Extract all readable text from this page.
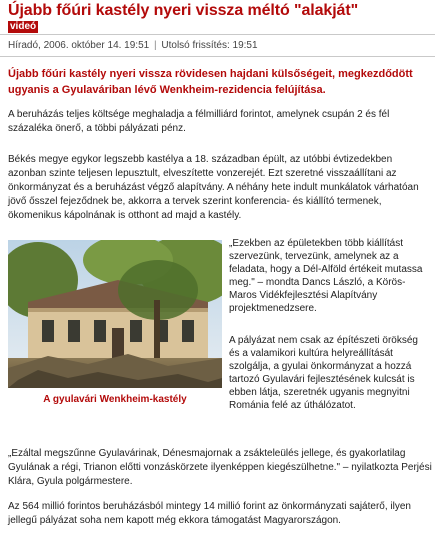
Újabb főúri kastély nyeri vissza méltó "alakját"
videó
Híradó, 2006. október 14. 19:51 | Utolsó frissítés: 19:51
Újabb főúri kastély nyeri vissza rövidesen hajdani külsőségeit, megkezdődött ugyanis a Gyulaváriban lévő Wenkheim-rezidencia felújítása.
A beruházás teljes költsége meghaladja a félmilliárd forintot, amelynek csupán 2 és fél százaléka önerő, a többi pályázati pénz.
Békés megye egykor legszebb kastélya a 18. században épült, az utóbbi évtizedekben azonban szinte teljesen lepusztult, elveszítette vonzerejét. Ezt szeretné visszaállítani az önkormányzat és a beruházást végző alapítvány. A néhány hete indult munkálatok várhatóan jövő ősszel fejeződnek be, akkorra a tervek szerint konferencia- és kiállító termenek, ökomenikus kápolnának is otthont ad majd a kastély.
A gyulavári Wenkheim-kastély
„Ezekben az épületekben több kiállítást szervezünk, tervezünk, amelynek az a feladata, hogy a Dél-Alföld értékeit mutassa meg." – mondta Dancs László, a Körös-Maros Vidékfejlesztési Alapítvány projektmenedzsere.
A pályázat nem csak az építészeti örökség és a valamikori kultúra helyreállítását szolgálja, a gyulai önkormányzat a hozzá tartozó Gyulavári fejlesztésének kulcsát is ebben látja, szeretnék ugyanis megnyitni Románia felé az úthálózatot.
„Ezáltal megszűnne Gyulavárinak, Dénesmajornak a zsákteleülés jellege, és gyakorlatilag Gyulának a régi, Trianon előtti vonzáskörzete ilyenképpen kiegészülhetne." – nyilatkozta Perjési Klára, Gyula polgármestere.
Az 564 millió forintos beruházásból mintegy 14 millió forint az önkormányzati sajáterő, ilyen jellegű pályázat soha nem kapott még ekkora támogatást Magyarországon.
